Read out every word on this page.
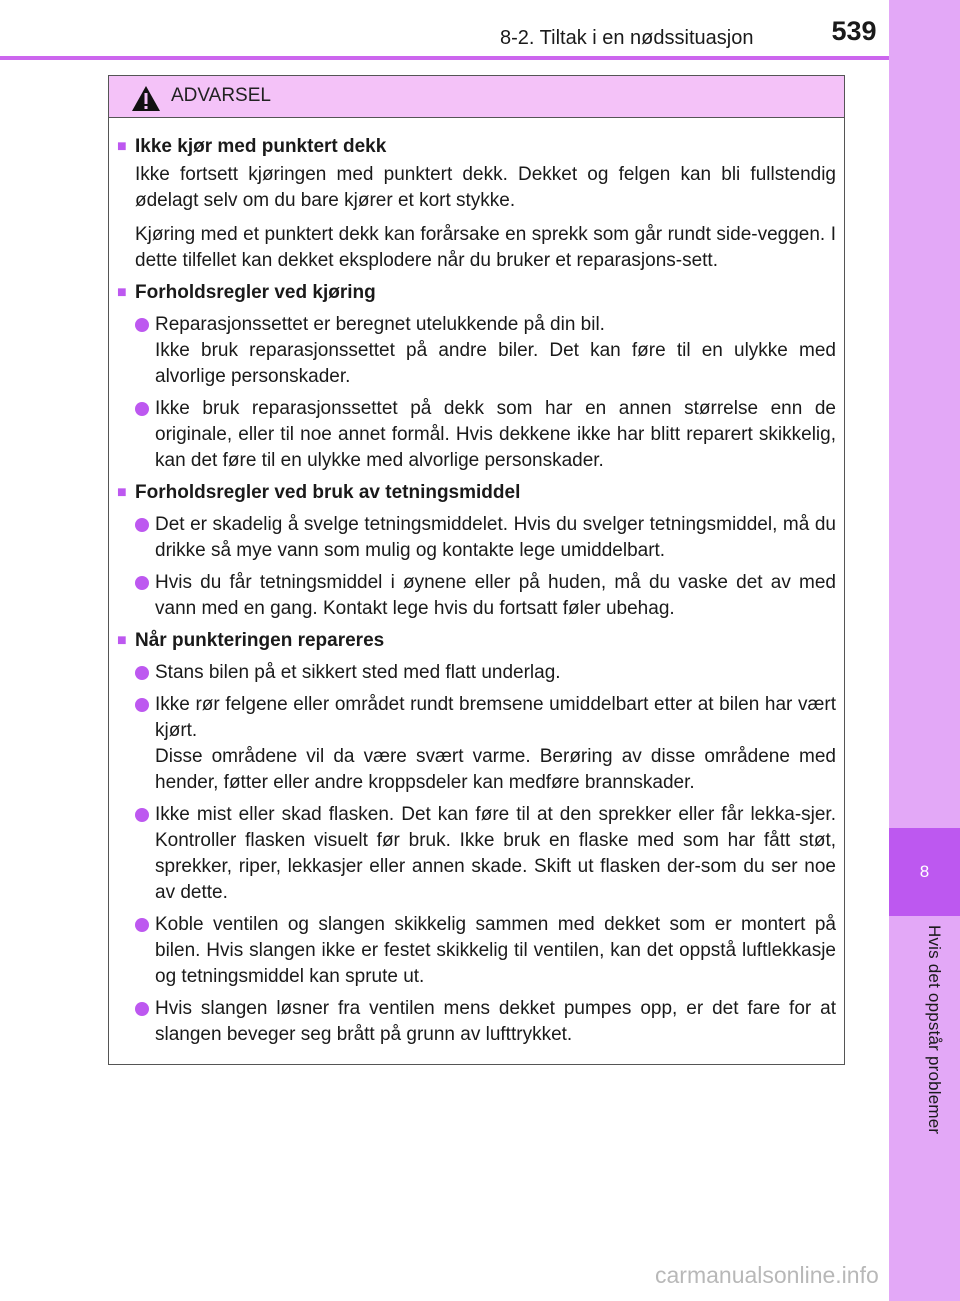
8
Hvis det oppstår problemer
8-2. Tiltak i en nødssituasjon	539
ADVARSEL
■ Ikke kjør med punktert dekk
Ikke fortsett kjøringen med punktert dekk. Dekket og felgen kan bli fullstendig ødelagt selv om du bare kjører et kort stykke.
Kjøring med et punktert dekk kan forårsake en sprekk som går rundt side-veggen. I dette tilfellet kan dekket eksplodere når du bruker et reparasjons-sett.
■ Forholdsregler ved kjøring
Reparasjonssettet er beregnet utelukkende på din bil.
Ikke bruk reparasjonssettet på andre biler. Det kan føre til en ulykke med alvorlige personskader.
Ikke bruk reparasjonssettet på dekk som har en annen størrelse enn de originale, eller til noe annet formål. Hvis dekkene ikke har blitt reparert skikkelig, kan det føre til en ulykke med alvorlige personskader.
■ Forholdsregler ved bruk av tetningsmiddel
Det er skadelig å svelge tetningsmiddelet. Hvis du svelger tetningsmiddel, må du drikke så mye vann som mulig og kontakte lege umiddelbart.
Hvis du får tetningsmiddel i øynene eller på huden, må du vaske det av med vann med en gang. Kontakt lege hvis du fortsatt føler ubehag.
■ Når punkteringen repareres
Stans bilen på et sikkert sted med flatt underlag.
Ikke rør felgene eller området rundt bremsene umiddelbart etter at bilen har vært kjørt.
Disse områdene vil da være svært varme. Berøring av disse områdene med hender, føtter eller andre kroppsdeler kan medføre brannskader.
Ikke mist eller skad flasken. Det kan føre til at den sprekker eller får lekka-sjer. Kontroller flasken visuelt før bruk. Ikke bruk en flaske med som har fått støt, sprekker, riper, lekkasjer eller annen skade. Skift ut flasken der-som du ser noe av dette.
Koble ventilen og slangen skikkelig sammen med dekket som er montert på bilen. Hvis slangen ikke er festet skikkelig til ventilen, kan det oppstå luftlekkasje og tetningsmiddel kan sprute ut.
Hvis slangen løsner fra ventilen mens dekket pumpes opp, er det fare for at slangen beveger seg brått på grunn av lufttrykket.
carmanualsonline.info
